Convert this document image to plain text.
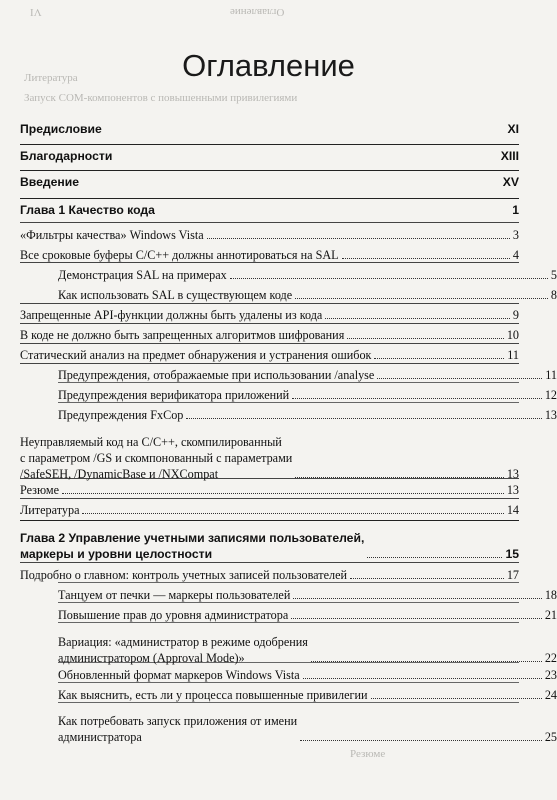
Оглавление
VI
Запуск COM-компонентов с повышенными привилегиями
Литература
Резюме
Оглавление
Предисловие	XI
Благодарности	XIII
Введение	XV
Глава 1 Качество кода	1
«Фильтры качества» Windows Vista	3
Все сроковые буферы C/C++ должны аннотироваться на SAL	4
Демонстрация SAL на примерах	5
Как использовать SAL в существующем коде	8
Запрещенные API-функции должны быть удалены из кода	9
В коде не должно быть запрещенных алгоритмов шифрования	10
Статический анализ на предмет обнаружения и устранения ошибок	11
Предупреждения, отображаемые при использовании /analyse	11
Предупреждения верификатора приложений	12
Предупреждения FxCop	13
Неуправляемый код на C/C++, скомпилированный
с параметром /GS и скомпонованный с параметрами
/SafeSEH, /DynamicBase и /NXCompat	13
Резюме	13
Литература	14
Глава 2 Управление учетными записями пользователей,
маркеры и уровни целостности	15
Подробно о главном: контроль учетных записей пользователей	17
Танцуем от печки — маркеры пользователей	18
Повышение прав до уровня администратора	21
Вариация: «администратор в режиме одобрения
администратором (Approval Mode)»	22
Обновленный формат маркеров Windows Vista	23
Как выяснить, есть ли у процесса повышенные привилегии	24
Как потребовать запуск приложения от имени
администратора	25
